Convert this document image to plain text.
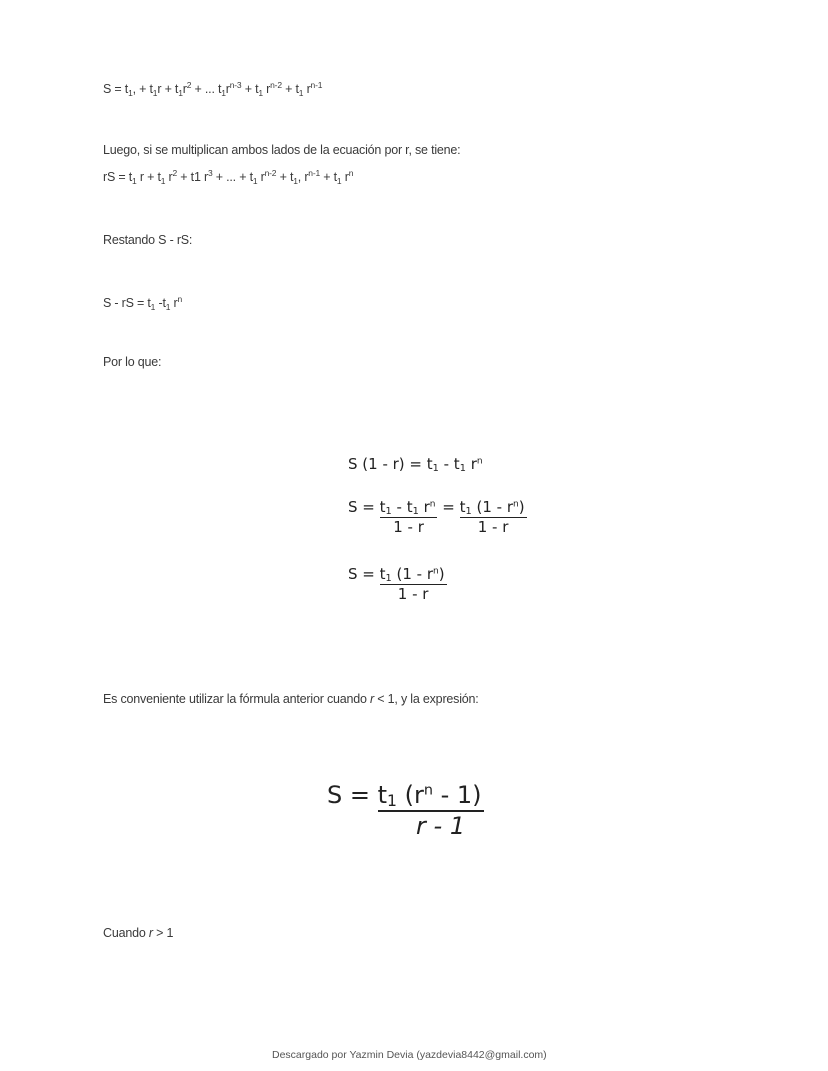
$S = t_1$, + $t_1r + t_1r^2$ + ... $t_1r^{n-3} + t_1$ $r^{n-2} + t_1$ $r^{n-1}$
Luego, si se multiplican ambos lados de la ecuación por r, se tiene:
rS = $t_1$ $r + t_1$ $r^2 + t1$ $r^3$ + ... + $t_1$ $r^{n-2} + t_1$, $r^{n-1} + t_1$ $r^n$
Restando S - rS:
S - rS = $t_1$ $-t_1$ $r^n$
Por lo que:
S $(1 - r) = t_1 - t_1$ $r^n$
$S = \frac{t_1 - t_1 r^n}{1 - r} = \frac{t_1 (1 - r^n)}{1 - r}$
$S = \frac{t_1 (1 - r^n)}{1 - r}$
Es conveniente utilizar la fórmula anterior cuando r < 1, y la expresión:
$S = \frac{t_1 (r^n - 1)}{r - 1}$
Cuando r > 1
Descargado por Yazmin Devia (yazdevia8442@gmail.com)
